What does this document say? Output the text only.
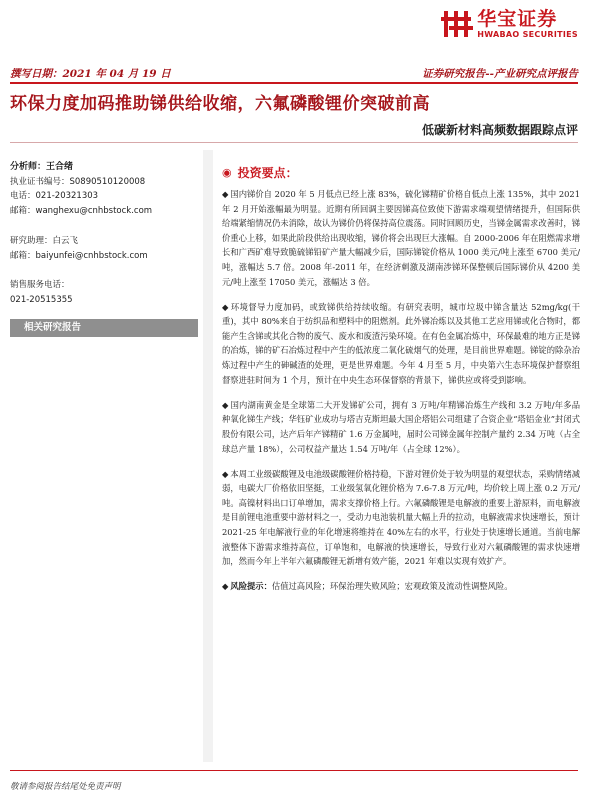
华宝证券
HWABAO SECURITIES
撰写日期：2021 年 04 月 19 日	证券研究报告--产业研究点评报告
环保力度加码推助锑供给收缩，六氟磷酸锂价突破前高
低碳新材料高频数据跟踪点评
分析师：王合绪
执业证书编号：S0890510120008
电话：021-20321303
邮箱：wanghexu@cnhbstock.com
研究助理：白云飞
邮箱：baiyunfei@cnhbstock.com
销售服务电话：
021-20515355
相关研究报告
◉ 投资要点：

◆ 国内锑价自 2020 年 5 月低点已经上涨 83%，硫化锑精矿价格自低点上涨 135%，其中 2021 年 2 月开始涨幅最为明显。近期有所回调主要因锑高位致使下游需求端观望情绪提升，但国际供给端紧缩情况仍未消除，故认为锑价仍将保持高位震荡。同时回顾历史，当锑金属需求改善时，锑价重心上移，如果此阶段供给出现收缩，锑价将会出现巨大涨幅。自 2000-2006 年在阻燃需求增长和广西矿难导致脆硫锑铅矿产量大幅减少后，国际锑锭价格从 1000 美元/吨上涨至 6700 美元/吨，涨幅达 5.7 倍。2008 年-2011 年，在经济刺激及湖南涉锑环保整顿后国际锑价从 4200 美元/吨上涨至 17050 美元，涨幅达 3 倍。

◆ 环境督导力度加码，或致锑供给持续收缩。有研究表明，城市垃圾中锑含量达 52mg/kg(干重)，其中 80%来自于纺织品和塑料中的阻燃剂。此外锑冶炼以及其他工艺应用锑或化合物时，都能产生含锑或其化合物的废气、废水和废渣污染环境。在有色金属冶炼中，环保最难的地方正是锑的冶炼，锑的矿石冶炼过程中产生的低浓度二氧化硫烟气的处理，是目前世界难题。锑锭的除杂冶炼过程中产生的砷碱渣的处理，更是世界难题。今年 4 月至 5 月，中央第六生态环境保护督察组督察进驻时间为 1 个月，预计在中央生态环保督察的背景下，锑供应或将受到影响。

◆ 国内湖南黄金是全球第二大开发锑矿公司，拥有 3 万吨/年精锑冶炼生产线和 3.2 万吨/年多品种氧化锑生产线；华钰矿业成功与塔吉克斯坦最大国企塔铝公司组建了合资企业“塔铝金业”封闭式股份有限公司，达产后年产锑精矿 1.6 万金属吨，届时公司锑金属年控制产量约 2.34 万吨（占全球总产量 18%），公司权益产量达 1.54 万吨/年（占全球 12%）。

◆ 本周工业级碳酸锂及电池级碳酸锂价格持稳，下游对锂价处于较为明显的观望状态，采购情绪减弱，电碳大厂价格依旧坚挺，工业级氢氧化锂价格为 7.6-7.8 万元/吨，均价较上周上涨 0.2 万元/吨。高镍材料出口订单增加，需求支撑价格上行。六氟磷酸锂是电解液的重要上游原料，而电解液是目前锂电池重要中游材料之一，受动力电池装机量大幅上升的拉动，电解液需求快速增长，预计 2021-25 年电解液行业的年化增速将维持在 40%左右的水平，行业处于快速增长通道。当前电解液整体下游需求维持高位，订单饱和，电解液的快速增长，导致行业对六氟磷酸锂的需求快速增加，然而今年上半年六氟磷酸锂无新增有效产能，2021 年难以实现有效扩产。

◆ 风险提示：估值过高风险；环保治理失败风险；宏观政策及流动性调整风险。

敬请参阅报告结尾处免责声明
